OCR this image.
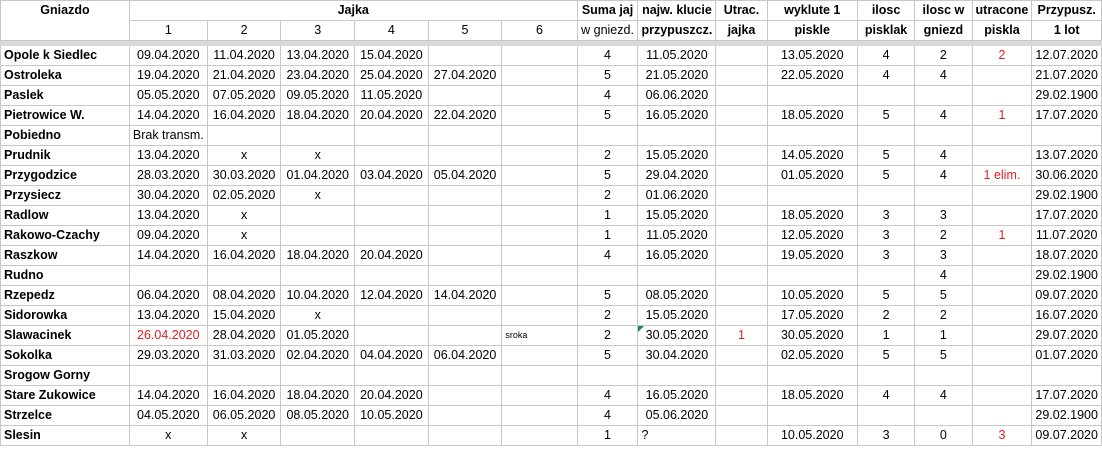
Gniazdo	Jajka						Suma jaj	najw. klucie	Utrac.	wyklute 1	ilosc	ilosc w	utracone	Przypusz.
	1	2	3	4	5	6	w gniezd.	przypuszcz.	jajka	piskle	pisklak	gniezd	piskla	1 lot

Opole k Siedlec	09.04.2020	11.04.2020	13.04.2020	15.04.2020			4	11.05.2020		13.05.2020	4	2	2	12.07.2020
Ostroleka	19.04.2020	21.04.2020	23.04.2020	25.04.2020	27.04.2020		5	21.05.2020		22.05.2020	4	4		21.07.2020
Paslek	05.05.2020	07.05.2020	09.05.2020	11.05.2020			4	06.06.2020						29.02.1900
Pietrowice W.	14.04.2020	16.04.2020	18.04.2020	20.04.2020	22.04.2020		5	16.05.2020		18.05.2020	5	4	1	17.07.2020
Pobiedno	Brak transm.													
Prudnik	13.04.2020	x	x				2	15.05.2020		14.05.2020	5	4		13.07.2020
Przygodzice	28.03.2020	30.03.2020	01.04.2020	03.04.2020	05.04.2020		5	29.04.2020		01.05.2020	5	4	1 elim.	30.06.2020
Przysiecz	30.04.2020	02.05.2020	x				2	01.06.2020						29.02.1900
Radlow	13.04.2020	x					1	15.05.2020		18.05.2020	3	3		17.07.2020
Rakowo-Czachy	09.04.2020	x					1	11.05.2020		12.05.2020	3	2	1	11.07.2020
Raszkow	14.04.2020	16.04.2020	18.04.2020	20.04.2020			4	16.05.2020		19.05.2020	3	3		18.07.2020
Rudno												4		29.02.1900
Rzepedz	06.04.2020	08.04.2020	10.04.2020	12.04.2020	14.04.2020		5	08.05.2020		10.05.2020	5	5		09.07.2020
Sidorowka	13.04.2020	15.04.2020	x				2	15.05.2020		17.05.2020	2	2		16.07.2020
Slawacinek	26.04.2020	28.04.2020	01.05.2020			sroka	2	30.05.2020	1	30.05.2020	1	1		29.07.2020
Sokolka	29.03.2020	31.03.2020	02.04.2020	04.04.2020	06.04.2020		5	30.04.2020		02.05.2020	5	5		01.07.2020
Srogow Gorny														
Stare Zukowice	14.04.2020	16.04.2020	18.04.2020	20.04.2020			4	16.05.2020		18.05.2020	4	4		17.07.2020
Strzelce	04.05.2020	06.05.2020	08.05.2020	10.05.2020			4	05.06.2020						29.02.1900
Slesin	x	x					1	?		10.05.2020	3	0	3	09.07.2020
